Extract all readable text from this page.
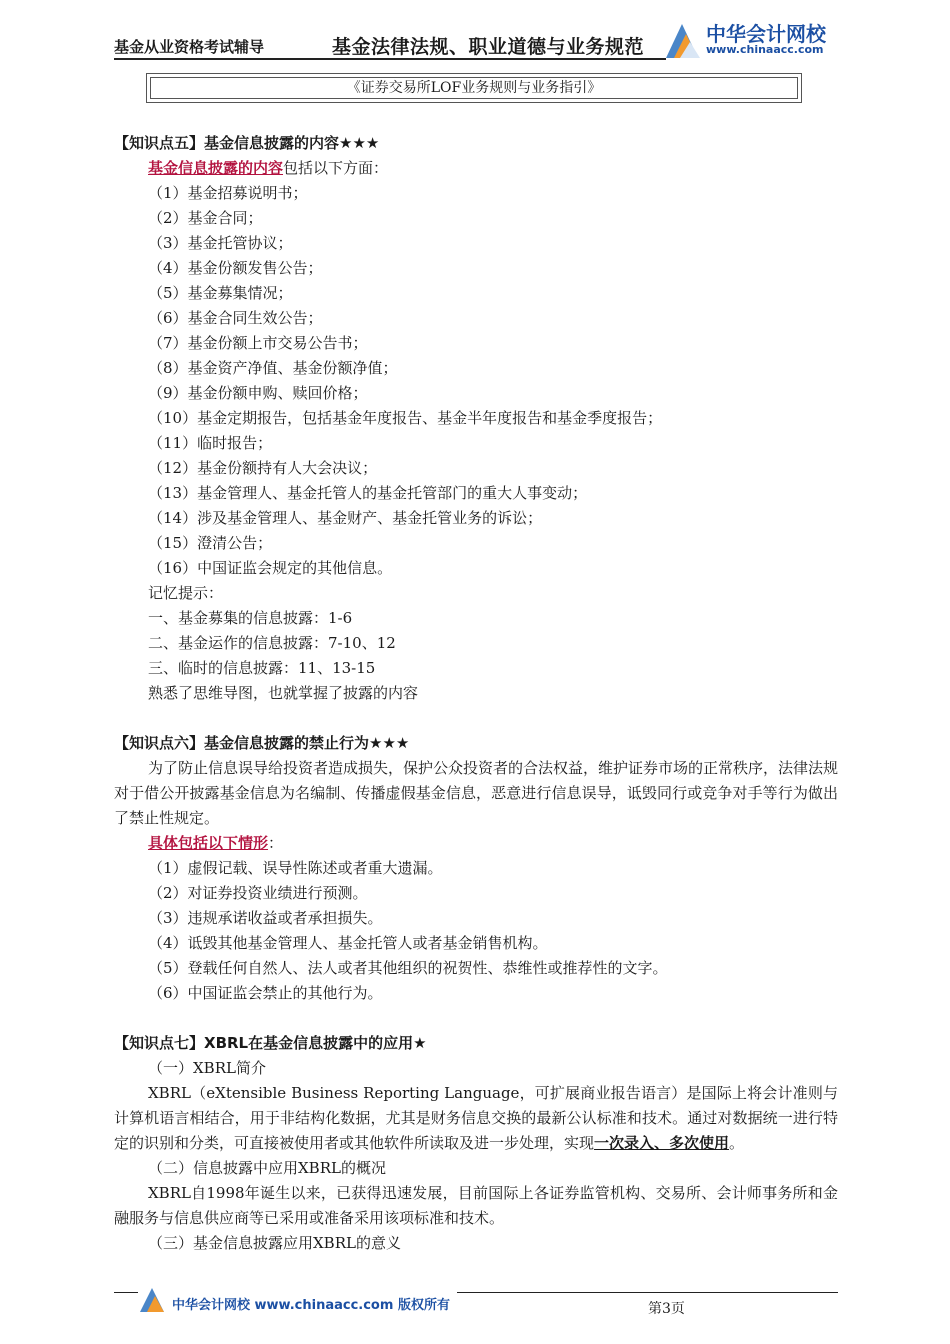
基金从业资格考试辅导	基金法律法规、职业道德与业务规范
中华会计网校
www.chinaacc.com
《证券交易所LOF业务规则与业务指引》
【知识点五】基金信息披露的内容★★★
基金信息披露的内容包括以下方面：
（1）基金招募说明书；
（2）基金合同；
（3）基金托管协议；
（4）基金份额发售公告；
（5）基金募集情况；
（6）基金合同生效公告；
（7）基金份额上市交易公告书；
（8）基金资产净值、基金份额净值；
（9）基金份额申购、赎回价格；
（10）基金定期报告，包括基金年度报告、基金半年度报告和基金季度报告；
（11）临时报告；
（12）基金份额持有人大会决议；
（13）基金管理人、基金托管人的基金托管部门的重大人事变动；
（14）涉及基金管理人、基金财产、基金托管业务的诉讼；
（15）澄清公告；
（16）中国证监会规定的其他信息。
记忆提示：
一、基金募集的信息披露：1-6
二、基金运作的信息披露：7-10、12
三、临时的信息披露：11、13-15
熟悉了思维导图，也就掌握了披露的内容
【知识点六】基金信息披露的禁止行为★★★
为了防止信息误导给投资者造成损失，保护公众投资者的合法权益，维护证券市场的正常秩序，法律法规对于借公开披露基金信息为名编制、传播虚假基金信息，恶意进行信息误导，诋毁同行或竞争对手等行为做出了禁止性规定。
具体包括以下情形：
（1）虚假记载、误导性陈述或者重大遗漏。
（2）对证券投资业绩进行预测。
（3）违规承诺收益或者承担损失。
（4）诋毁其他基金管理人、基金托管人或者基金销售机构。
（5）登载任何自然人、法人或者其他组织的祝贺性、恭维性或推荐性的文字。
（6）中国证监会禁止的其他行为。
【知识点七】XBRL在基金信息披露中的应用★
（一）XBRL简介
XBRL（eXtensible Business Reporting Language，可扩展商业报告语言）是国际上将会计准则与计算机语言相结合，用于非结构化数据，尤其是财务信息交换的最新公认标准和技术。通过对数据统一进行特定的识别和分类，可直接被使用者或其他软件所读取及进一步处理，实现一次录入、多次使用。
（二）信息披露中应用XBRL的概况
XBRL自1998年诞生以来，已获得迅速发展，目前国际上各证券监管机构、交易所、会计师事务所和金融服务与信息供应商等已采用或准备采用该项标准和技术。
（三）基金信息披露应用XBRL的意义
中华会计网校 www.chinaacc.com 版权所有	第3页
